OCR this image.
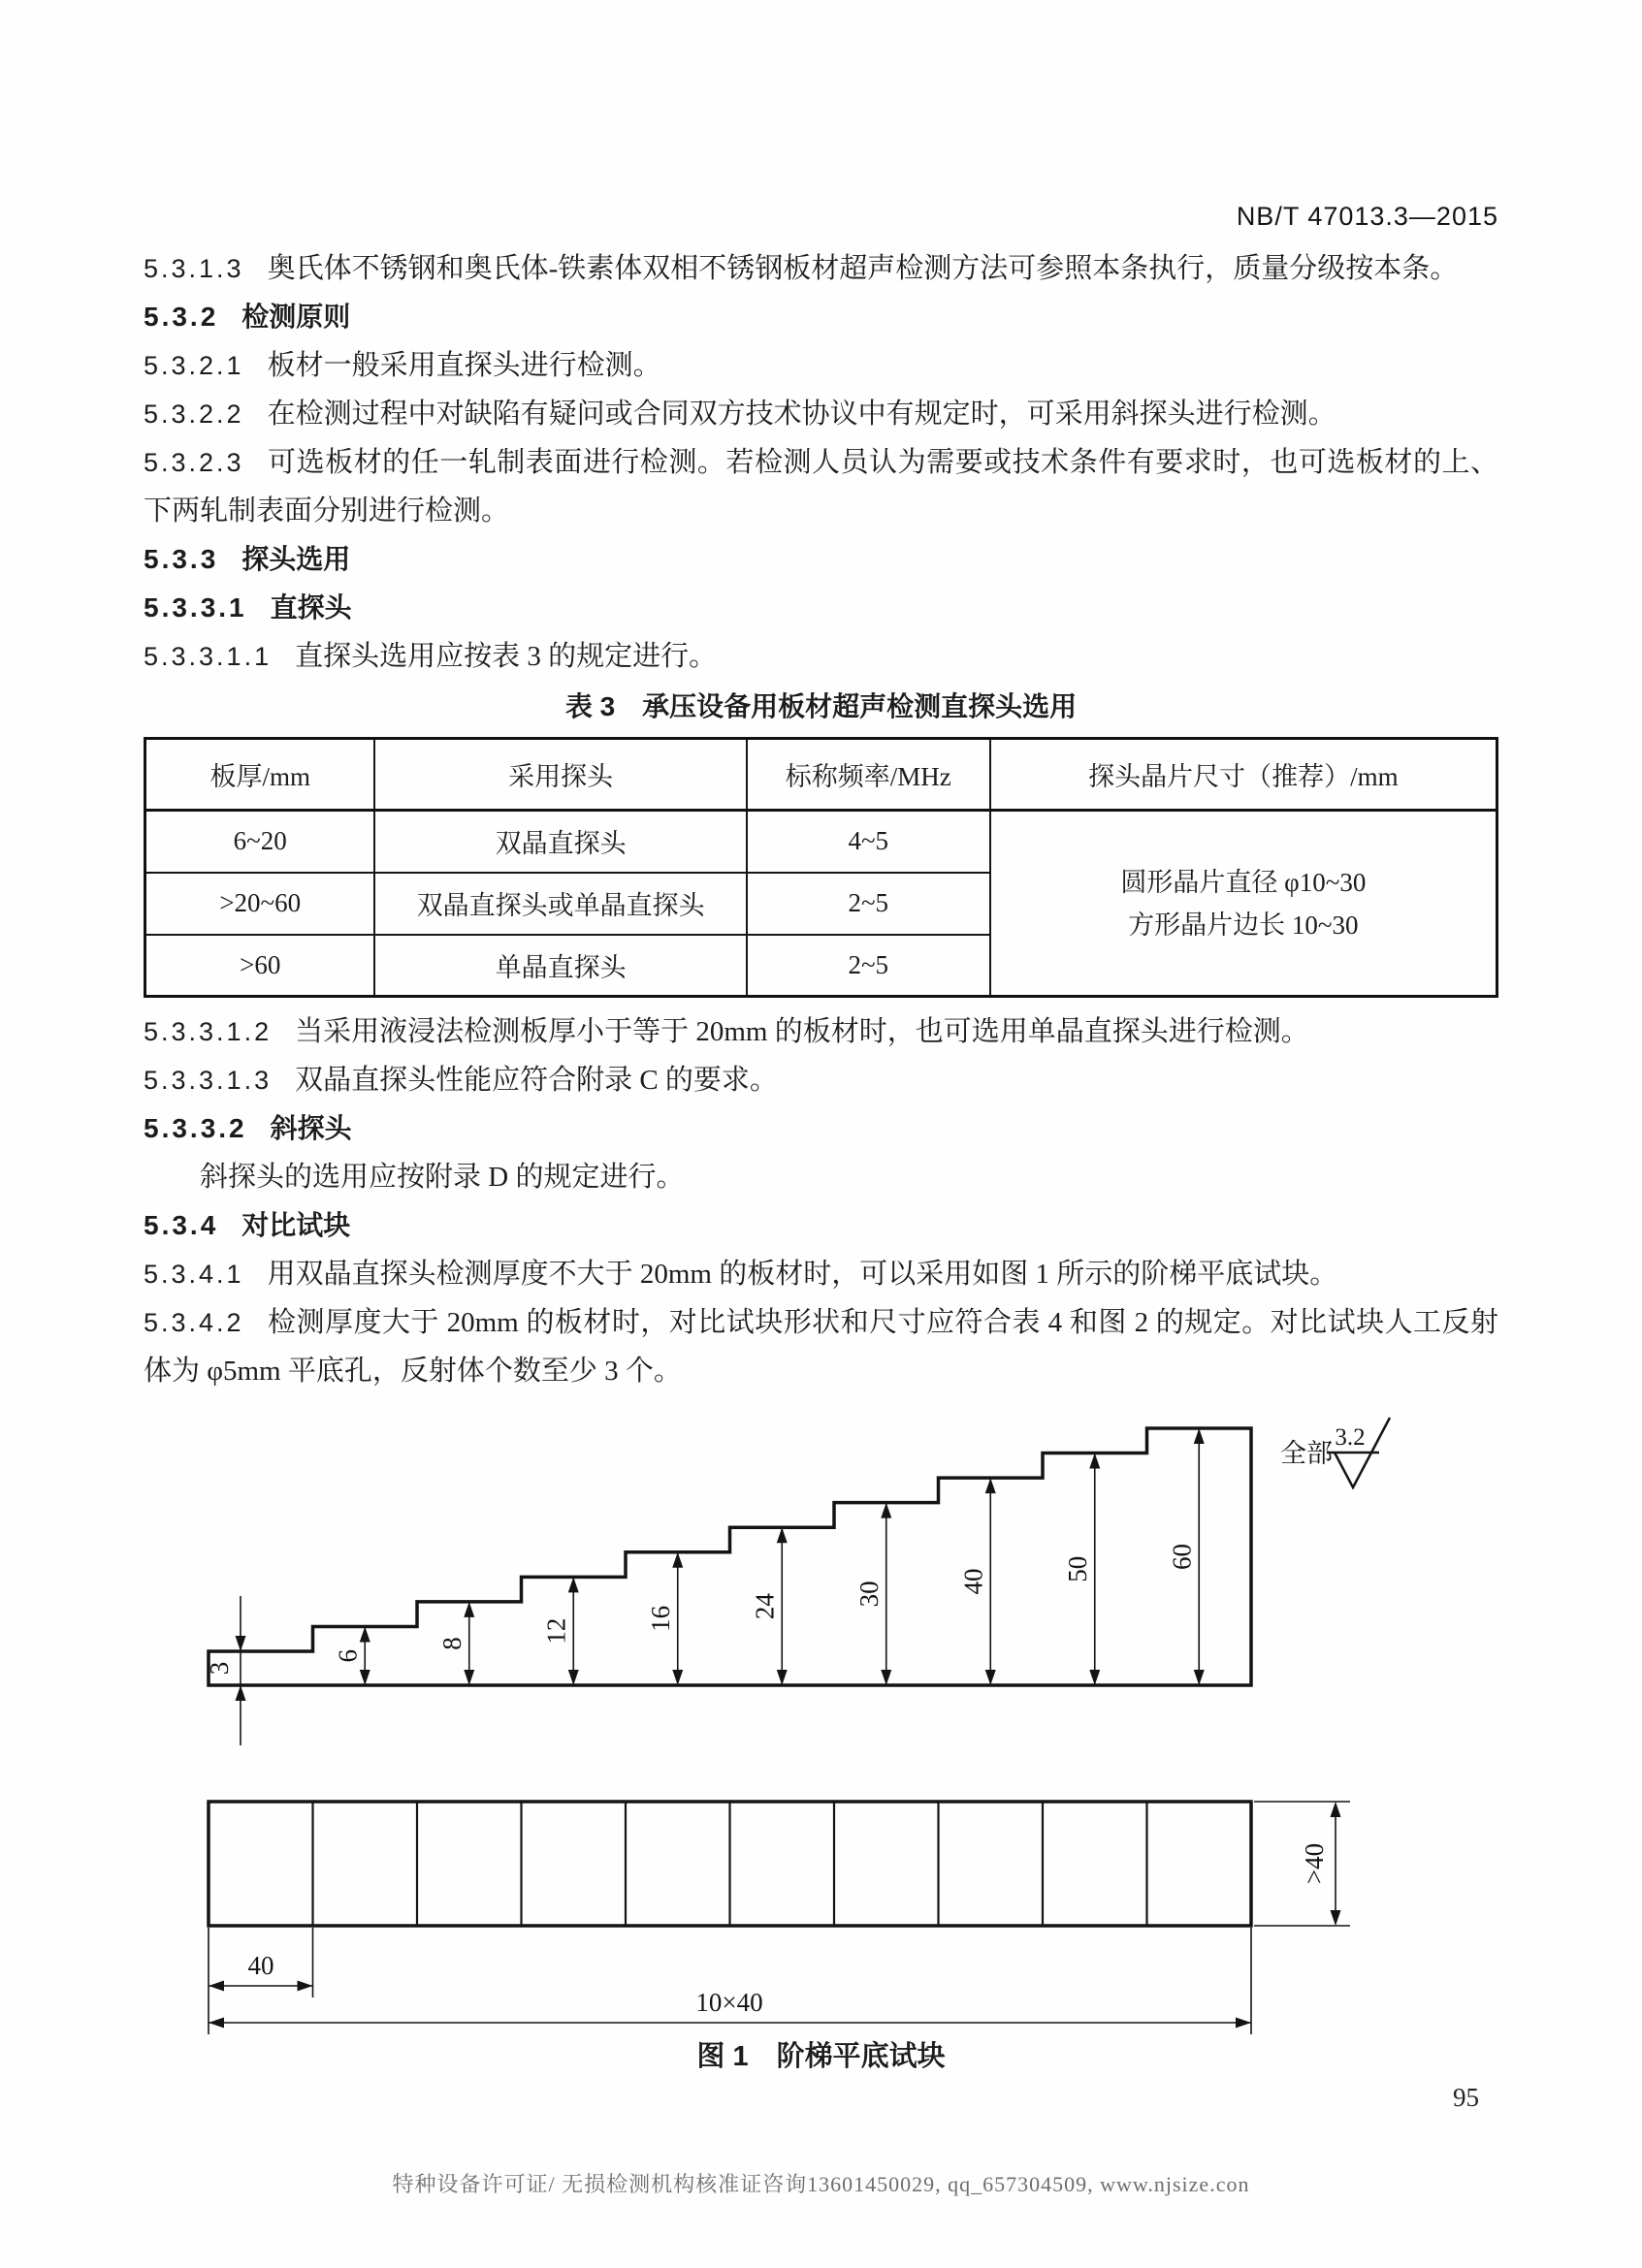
NB/T 47013.3—2015

5.3.1.3 奥氏体不锈钢和奥氏体-铁素体双相不锈钢板材超声检测方法可参照本条执行，质量分级按本条。

5.3.2 检测原则

5.3.2.1 板材一般采用直探头进行检测。

5.3.2.2 在检测过程中对缺陷有疑问或合同双方技术协议中有规定时，可采用斜探头进行检测。

5.3.2.3 可选板材的任一轧制表面进行检测。若检测人员认为需要或技术条件有要求时，也可选板材的上、下两轧制表面分别进行检测。

5.3.3 探头选用

5.3.3.1 直探头

5.3.3.1.1 直探头选用应按表 3 的规定进行。

表 3　承压设备用板材超声检测直探头选用
板厚/mm	采用探头	标称频率/MHz	探头晶片尺寸（推荐）/mm
6~20	双晶直探头	4~5	圆形晶片直径 φ10~30
方形晶片边长 10~30

>20~60	双晶直探头或单晶直探头	2~5	
>60	单晶直探头	2~5	

5.3.3.1.2 当采用液浸法检测板厚小于等于 20mm 的板材时，也可选用单晶直探头进行检测。

5.3.3.1.3 双晶直探头性能应符合附录 C 的要求。

5.3.3.2 斜探头

斜探头的选用应按附录 D 的规定进行。

5.3.4 对比试块

5.3.4.1 用双晶直探头检测厚度不大于 20mm 的板材时，可以采用如图 1 所示的阶梯平底试块。

5.3.4.2 检测厚度大于 20mm 的板材时，对比试块形状和尺寸应符合表 4 和图 2 的规定。对比试块人工反射体为 φ5mm 平底孔，反射体个数至少 3 个。

全部
3.2
3
6
8	12	16	24	30	40	50	60
>40
40
10×40
图 1　阶梯平底试块
95
特种设备许可证/ 无损检测机构核准证咨询13601450029, qq_657304509, www.njsize.con
